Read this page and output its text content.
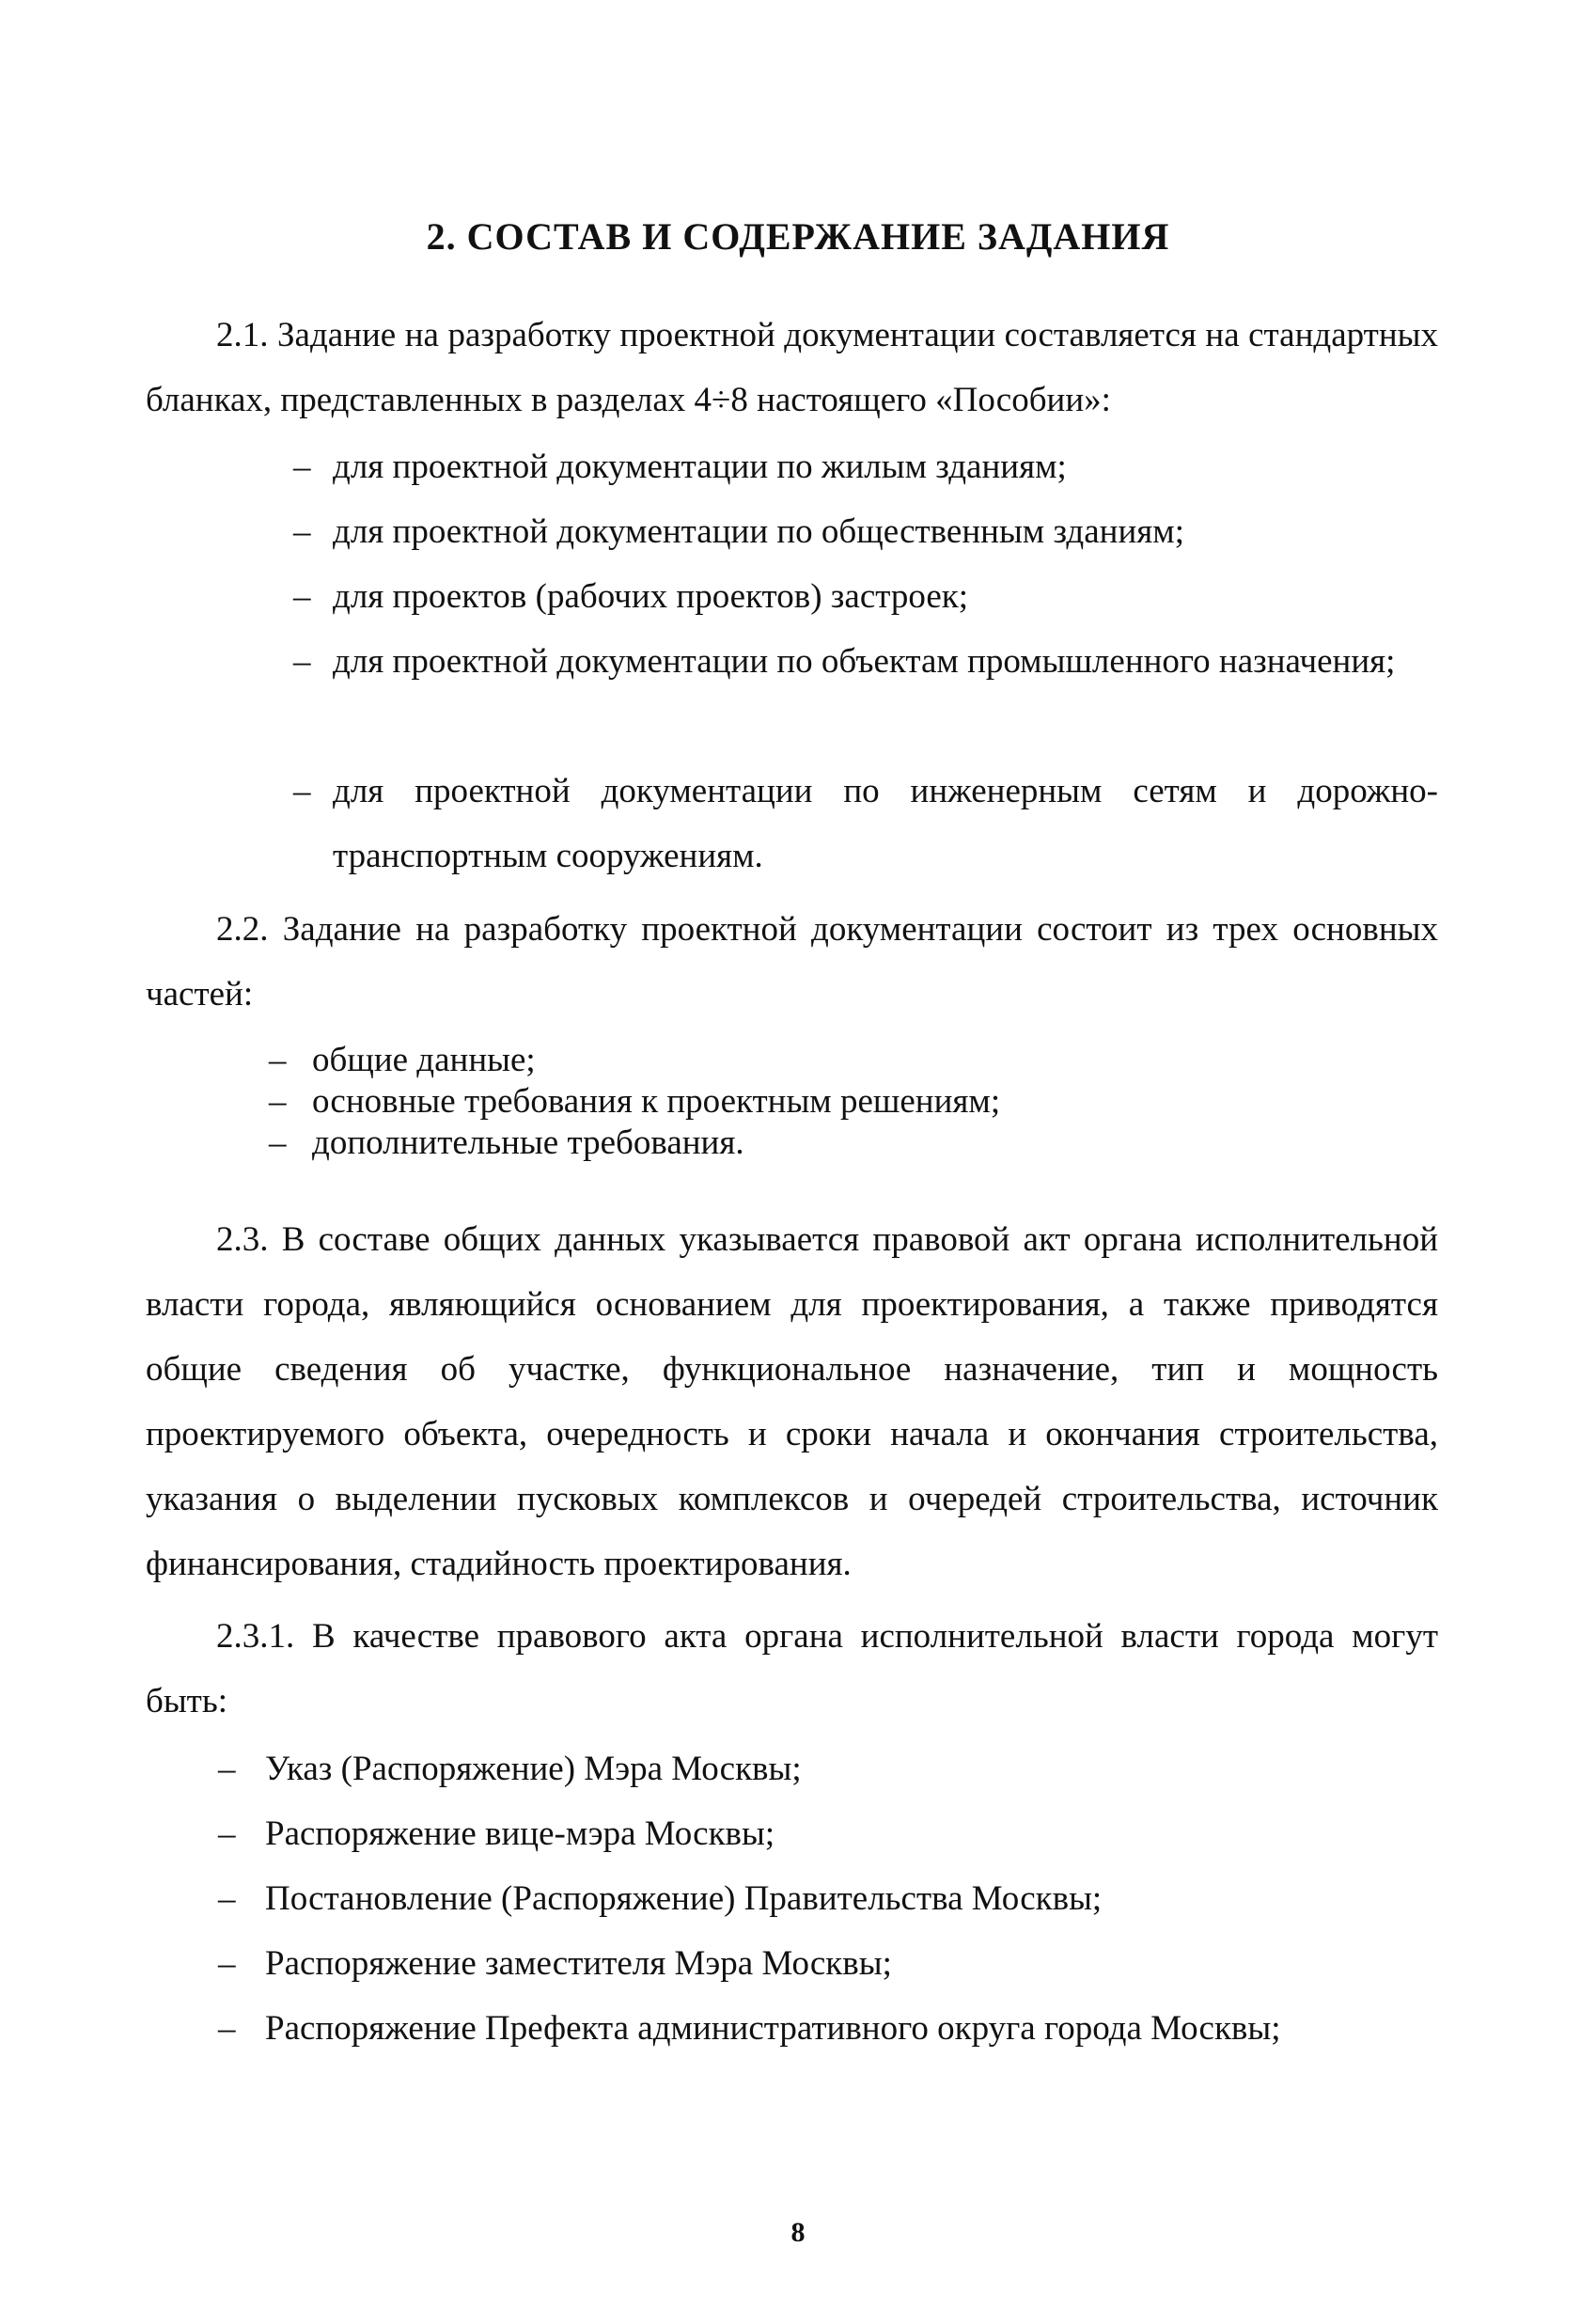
2. СОСТАВ И СОДЕРЖАНИЕ ЗАДАНИЯ
2.1. Задание на разработку проектной документации составляется на стандартных бланках, представленных в разделах 4÷8 настоящего «Пособии»:
– для проектной документации по жилым зданиям;
– для проектной документации по общественным зданиям;
– для проектов (рабочих проектов) застроек;
– для проектной документации по объектам промышленного назначения;
– для проектной документации по инженерным сетям и дорожно-транспортным сооружениям.
2.2. Задание на разработку проектной документации состоит из трех основных частей:
– общие данные;
– основные требования к проектным решениям;
– дополнительные требования.
2.3. В составе общих данных указывается правовой акт органа исполнительной власти города, являющийся основанием для проектирования, а также приводятся общие сведения об участке, функциональное назначение, тип и мощность проектируемого объекта, очередность и сроки начала и окончания строительства, указания о выделении пусковых комплексов и очередей строительства, источник финансирования, стадийность проектирования.
2.3.1. В качестве правового акта органа исполнительной власти города могут быть:
– Указ (Распоряжение) Мэра Москвы;
– Распоряжение вице-мэра Москвы;
– Постановление (Распоряжение) Правительства Москвы;
– Распоряжение заместителя Мэра Москвы;
– Распоряжение Префекта административного округа города Москвы;
8
